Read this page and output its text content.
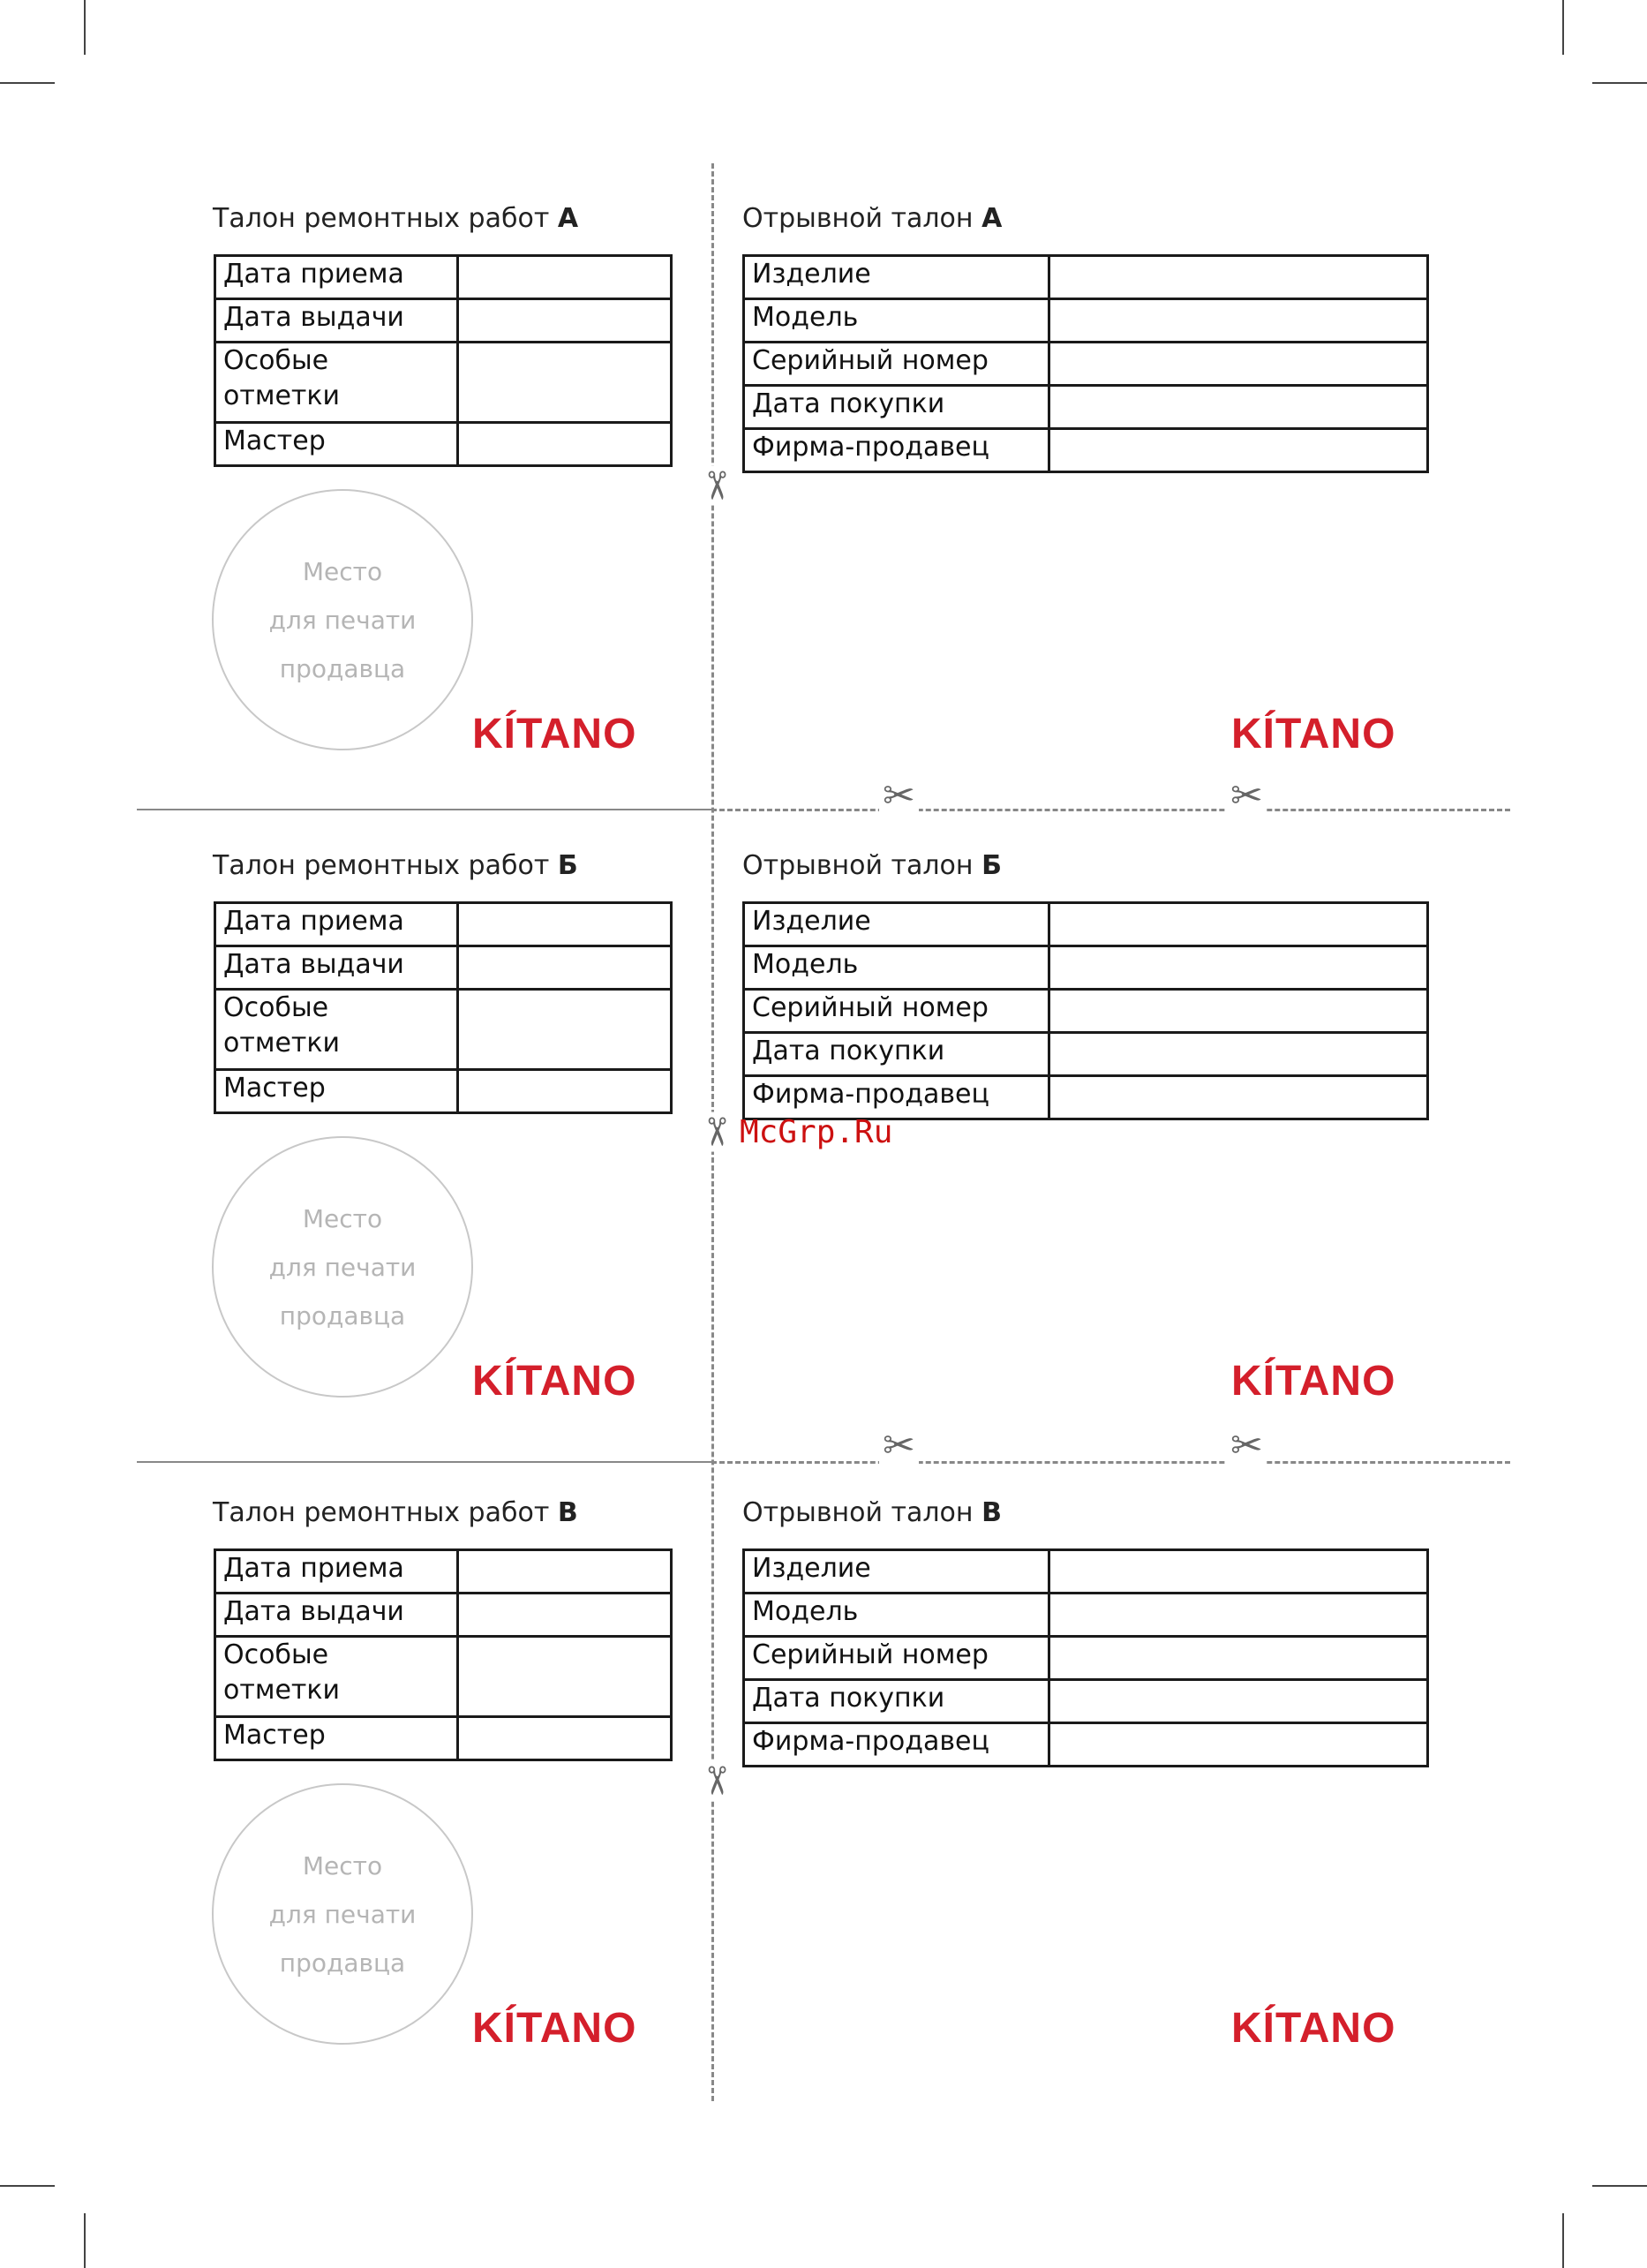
✂
✂
✂
✂	✂
✂	✂
Талон ремонтных работ А	Отрывной талон А
Дата приема	
Дата выдачи	
Особые отметки	
Мастер	
Изделие	
Модель	
Серийный номер	
Дата покупки	
Фирма-продавец	
Место
для печати
продавца
KÍTANO	KÍTANO
Талон ремонтных работ Б	Отрывной талон Б
Дата приема	
Дата выдачи	
Особые отметки	
Мастер	
Изделие	
Модель	
Серийный номер	
Дата покупки	
Фирма-продавец	
Место
для печати
продавца
KÍTANO	KÍTANO
Талон ремонтных работ В	Отрывной талон В
Дата приема	
Дата выдачи	
Особые отметки	
Мастер	
Изделие	
Модель	
Серийный номер	
Дата покупки	
Фирма-продавец	
Место
для печати
продавца
KÍTANO	KÍTANO
McGrp.Ru
